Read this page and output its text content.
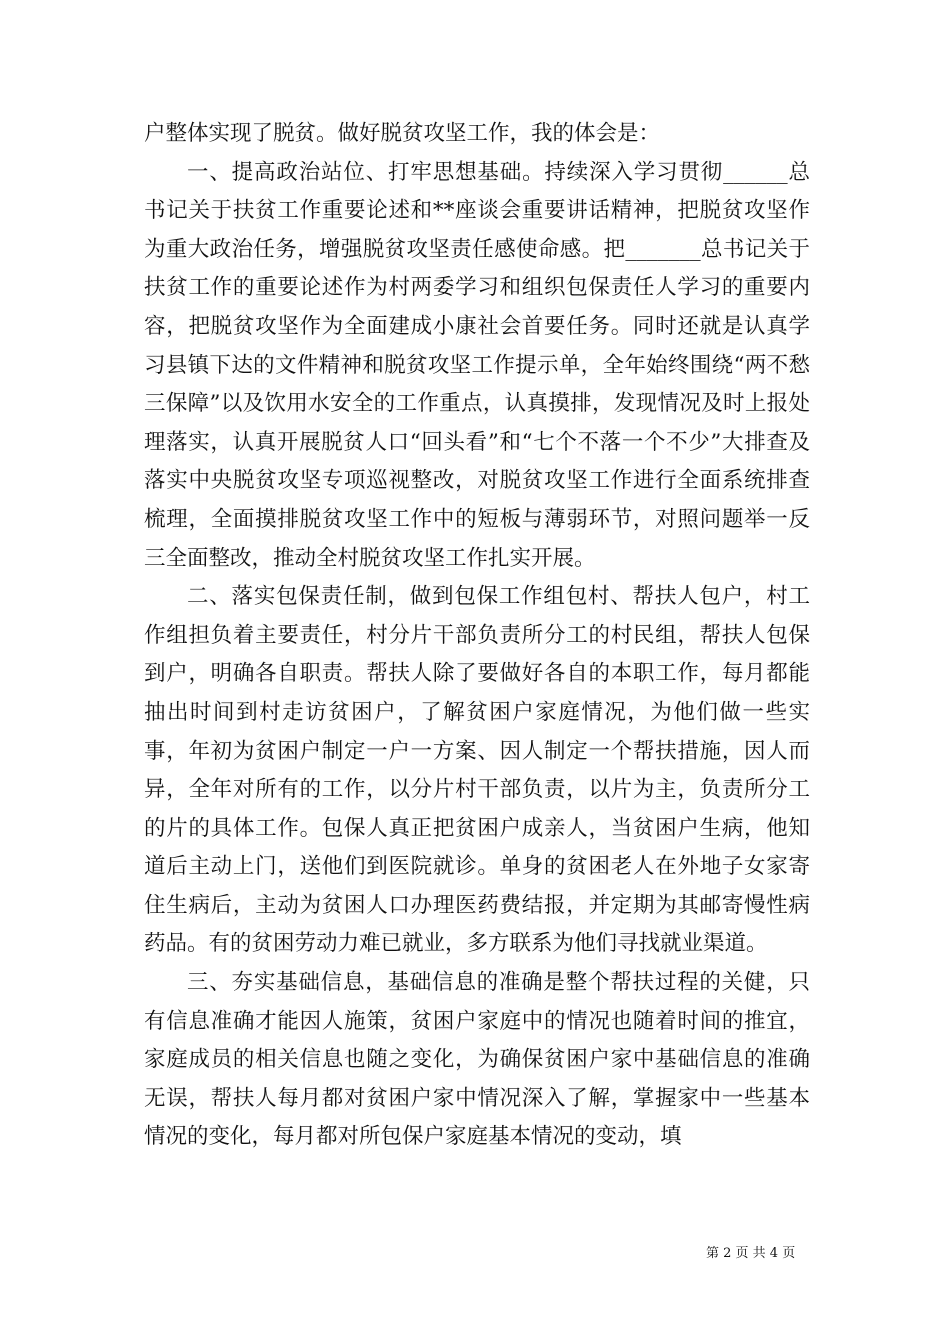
户整体实现了脱贫。做好脱贫攻坚工作，我的体会是：

一、提高政治站位、打牢思想基础。持续深入学习贯彻______总书记关于扶贫工作重要论述和**座谈会重要讲话精神，把脱贫攻坚作为重大政治任务，增强脱贫攻坚责任感使命感。把_______总书记关于扶贫工作的重要论述作为村两委学习和组织包保责任人学习的重要内容，把脱贫攻坚作为全面建成小康社会首要任务。同时还就是认真学习县镇下达的文件精神和脱贫攻坚工作提示单，全年始终围绕“两不愁三保障”以及饮用水安全的工作重点，认真摸排，发现情况及时上报处理落实，认真开展脱贫人口“回头看”和“七个不落一个不少”大排查及落实中央脱贫攻坚专项巡视整改，对脱贫攻坚工作进行全面系统排查梳理，全面摸排脱贫攻坚工作中的短板与薄弱环节，对照问题举一反三全面整改，推动全村脱贫攻坚工作扎实开展。

二、落实包保责任制，做到包保工作组包村、帮扶人包户，村工作组担负着主要责任，村分片干部负责所分工的村民组，帮扶人包保到户，明确各自职责。帮扶人除了要做好各自的本职工作，每月都能抽出时间到村走访贫困户，了解贫困户家庭情况，为他们做一些实事，年初为贫困户制定一户一方案、因人制定一个帮扶措施，因人而异，全年对所有的工作，以分片村干部负责，以片为主，负责所分工的片的具体工作。包保人真正把贫困户成亲人，当贫困户生病，他知道后主动上门，送他们到医院就诊。单身的贫困老人在外地子女家寄住生病后，主动为贫困人口办理医药费结报，并定期为其邮寄慢性病药品。有的贫困劳动力难已就业，多方联系为他们寻找就业渠道。

三、夯实基础信息，基础信息的准确是整个帮扶过程的关健，只有信息准确才能因人施策，贫困户家庭中的情况也随着时间的推宜，家庭成员的相关信息也随之变化，为确保贫困户家中基础信息的准确无误，帮扶人每月都对贫困户家中情况深入了解，掌握家中一些基本情况的变化，每月都对所包保户家庭基本情况的变动，填

第 2 页 共 4 页
